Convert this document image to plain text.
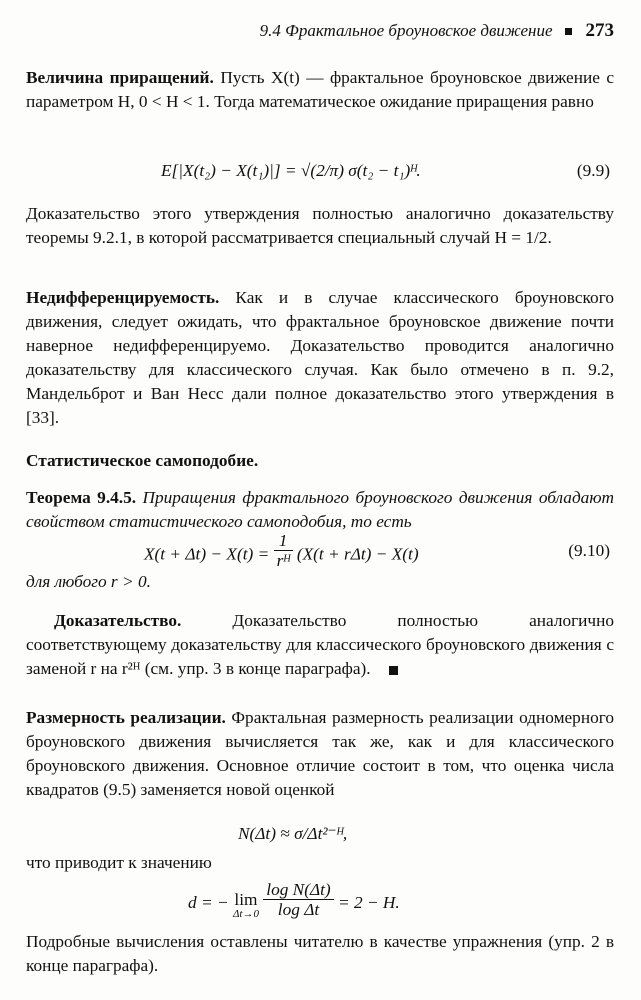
9.4 Фрактальное броуновское движение 273
Величина приращений. Пусть X(t) — фрактальное броуновское движение с параметром H, 0 < H < 1. Тогда математическое ожидание приращения равно
E[|X(t₂) − X(t₁)|] = √(2/π) σ(t₂ − t₁)ᴴ.	(9.9)
Доказательство этого утверждения полностью аналогично доказательству теоремы 9.2.1, в которой рассматривается специальный случай H = 1/2.
Недифференцируемость. Как и в случае классического броуновского движения, следует ожидать, что фрактальное броуновское движение почти наверное недифференцируемо. Доказательство проводится аналогично доказательству для классического случая. Как было отмечено в п. 9.2, Мандельброт и Ван Несс дали полное доказательство этого утверждения в [33].
Статистическое самоподобие.
Теорема 9.4.5. Приращения фрактального броуновского движения обладают свойством статистического самоподобия, то есть
$X(t + \Delta t) - X(t) = \frac{1}{\text{rᴴ}} (X(t + r\Delta t) - X(t)$	(9.10)
для любого r > 0.
Доказательство.	Доказательство полностью аналогично соответствующему доказательству для классического броуновского движения с заменой r на r²ᴴ (см. упр. 3 в конце параграфа).
Размерность реализации. Фрактальная размерность реализации одномерного броуновского движения вычисляется так же, как и для классического броуновского движения. Основное отличие состоит в том, что оценка числа квадратов (9.5) заменяется новой оценкой
N(Δt) ≈ σ/Δt²⁻ᴴ,
что приводит к значению
d = − lim
Δt→0
$\frac{\text{log N(Δt)}}{\text{log Δt}} = 2 - H$.
Подробные вычисления оставлены читателю в качестве упражнения (упр. 2 в конце параграфа).
